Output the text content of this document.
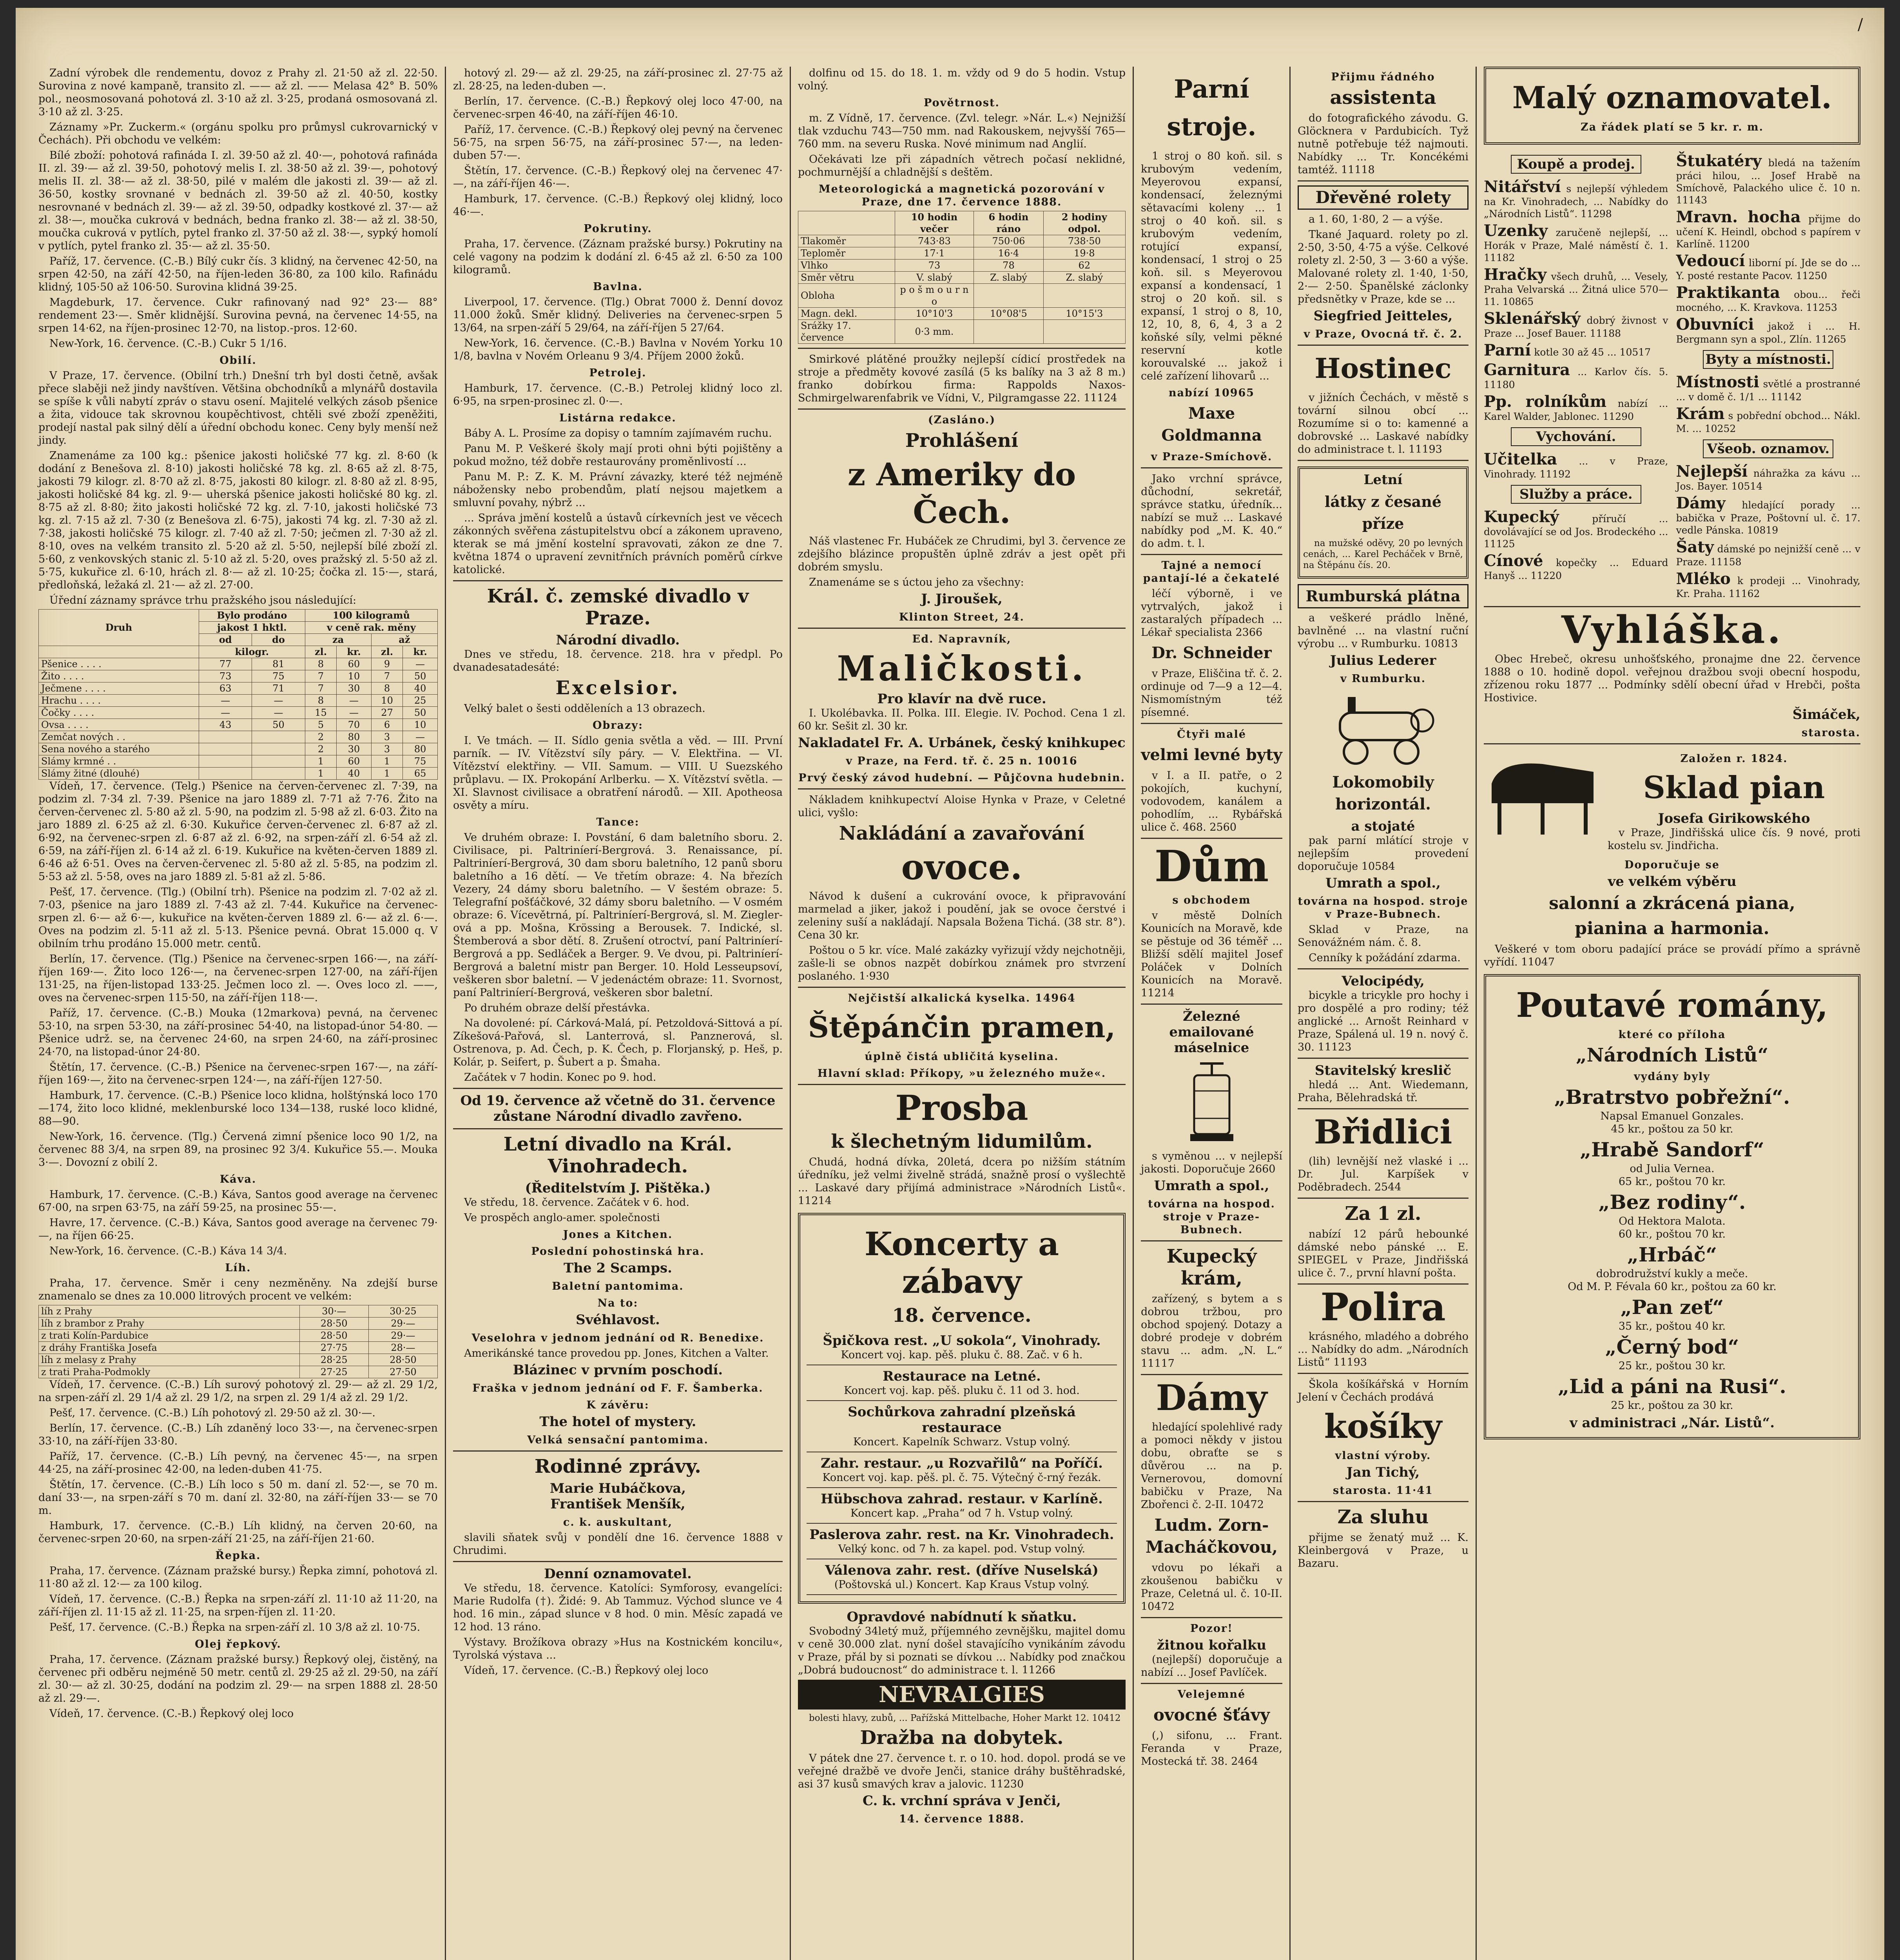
/

Zadní výrobek dle rendementu, dovoz z Prahy zl. 21·50 až zl. 22·50. Surovina z nové kampaně, transito zl. —— až zl. —— Melasa 42° B. 50% pol., neosmosovaná pohotová zl. 3·10 až zl. 3·25, prodaná osmosovaná zl. 3·10 až zl. 3·25.

Záznamy »Pr. Zuckerm.« (orgánu spolku pro průmysl cukrovarnický v Čechách). Při obchodu ve velkém:

Bílé zboží: pohotová rafináda I. zl. 39·50 až zl. 40·—, pohotová rafináda II. zl. 39·— až zl. 39·50, pohotový melis I. zl. 38·50 až zl. 39·—, pohotový melis II. zl. 38·— až zl. 38·50, pilé v malém dle jakosti zl. 39·— až zl. 36·50, kostky srovnané v bednách zl. 39·50 až zl. 40·50, kostky nesrovnané v bednách zl. 39·— až zl. 39·50, odpadky kostkové zl. 37·— až zl. 38·—, moučka cukrová v bednách, bedna franko zl. 38·— až zl. 38·50, moučka cukrová v pytlích, pytel franko zl. 37·50 až zl. 38·—, sypký homolí v pytlích, pytel franko zl. 35·— až zl. 35·50.

Paříž, 17. července. (C.-B.) Bílý cukr čís. 3 klidný, na červenec 42·50, na srpen 42·50, na září 42·50, na říjen-leden 36·80, za 100 kilo. Rafinádu klidný, 105·50 až 106·50. Surovina klidná 39·25.

Magdeburk, 17. července. Cukr rafinovaný nad 92° 23·— 88° rendement 23·—. Směr klidnější. Surovina pevná, na červenec 14·55, na srpen 14·62, na říjen-prosinec 12·70, na listop.-pros. 12·60.

New-York, 16. července. (C.-B.) Cukr 5 1/16.

Obilí.

V Praze, 17. července. (Obilní trh.) Dnešní trh byl dosti četně, avšak přece slaběji než jindy navštíven. Většina obchodníků a mlynářů dostavila se spíše k vůli nabytí zpráv o stavu osení. Majitelé velkých zásob pšenice a žita, vidouce tak skrovnou koupěchtivost, chtěli své zboží zpeněžiti, prodejí nastal pak silný dělí a úřední obchodu konec. Ceny byly menší než jindy.

Znamenáme za 100 kg.: pšenice jakosti holičské 77 kg. zl. 8·60 (k dodání z Benešova zl. 8·10) jakosti holičské 78 kg. zl. 8·65 až zl. 8·75, jakosti 79 kilogr. zl. 8·70 až zl. 8·75, jakosti 80 kilogr. zl. 8·80 až zl. 8·95, jakosti holičské 84 kg. zl. 9·— uherská pšenice jakosti holičské 80 kg. zl. 8·75 až zl. 8·80; žito jakosti holičské 72 kg. zl. 7·10, jakosti holičské 73 kg. zl. 7·15 až zl. 7·30 (z Benešova zl. 6·75), jakosti 74 kg. zl. 7·30 až zl. 7·38, jakosti holičské 75 kilogr. zl. 7·40 až zl. 7·50; ječmen zl. 7·30 až zl. 8·10, oves na velkém transito zl. 5·20 až zl. 5·50, nejlepší bílé zboží zl. 5·60, z venkovských stanic zl. 5·10 až zl. 5·20, oves pražský zl. 5·50 až zl. 5·75, kukuřice zl. 6·10, hrách zl. 8·— až zl. 10·25; čočka zl. 15·—, stará, předloňská, ležaká zl. 21·— až zl. 27·00.

Úřední záznamy správce trhu pražského jsou následující:

Druh	Bylo prodáno		100 kilogramů			
	jakost 1 hktl.		v ceně rak. měny			
	od	do	za		až	
	kilogr.		zl.	kr.	zl.	kr.
Pšenice . . . .	77	81	8	60	9	—
Žito . . . .	73	75	7	10	7	50
Ječmene . . . .	63	71	7	30	8	40
Hrachu . . . .	—	—	8	—	10	25
Čočky . . . .	—	—	15	—	27	50
Ovsa . . . .	43	50	5	70	6	10
Zemčat nových . .			2	80	3	—
Sena nového a starého			2	30	3	80
Slámy krmné . .			1	60	1	75
Slámy žitné (dlouhé)			1	40	1	65

Vídeň, 17. července. (Telg.) Pšenice na červen-červenec zl. 7·39, na podzim zl. 7·34 zl. 7·39. Pšenice na jaro 1889 zl. 7·71 až 7·76. Žito na červen-červenec zl. 5·80 až zl. 5·90, na podzim zl. 5·98 až zl. 6·03. Žito na jaro 1889 zl. 6·25 až zl. 6·30. Kukuřice červen-červenec zl. 6·87 až zl. 6·92, na červenec-srpen zl. 6·87 až zl. 6·92, na srpen-září zl. 6·54 až zl. 6·59, na září-říjen zl. 6·14 až zl. 6·19. Kukuřice na květen-červen 1889 zl. 6·46 až 6·51. Oves na červen-červenec zl. 5·80 až zl. 5·85, na podzim zl. 5·53 až zl. 5·58, oves na jaro 1889 zl. 5·81 až zl. 5·86.

Pešť, 17. července. (Tlg.) (Obilní trh). Pšenice na podzim zl. 7·02 až zl. 7·03, pšenice na jaro 1889 zl. 7·43 až zl. 7·44. Kukuřice na červenec-srpen zl. 6·— až 6·—, kukuřice na květen-červen 1889 zl. 6·— až zl. 6·—. Oves na podzim zl. 5·11 až zl. 5·13. Pšenice pevná. Obrat 15.000 q. V obilním trhu prodáno 15.000 metr. centů.

Berlín, 17. července. (Tlg.) Pšenice na červenec-srpen 166·—, na září-říjen 169·—. Žito loco 126·—, na červenec-srpen 127·00, na září-říjen 131·25, na říjen-listopad 133·25. Ječmen loco zl. —. Oves loco zl. ——, oves na červenec-srpen 115·50, na září-říjen 118·—.

Paříž, 17. července. (C.-B.) Mouka (12markova) pevná, na červenec 53·10, na srpen 53·30, na září-prosinec 54·40, na listopad-únor 54·80. — Pšenice udrž. se, na červenec 24·60, na srpen 24·60, na září-prosinec 24·70, na listopad-únor 24·80.

Štětín, 17. července. (C.-B.) Pšenice na červenec-srpen 167·—, na září-říjen 169·—, žito na červenec-srpen 124·—, na září-říjen 127·50.

Hamburk, 17. července. (C.-B.) Pšenice loco klidna, holštýnská loco 170—174, žito loco klidné, meklenburské loco 134—138, ruské loco klidné, 88—90.

New-York, 16. července. (Tlg.) Červená zimní pšenice loco 90 1/2, na červenec 88 3/4, na srpen 89, na prosinec 92 3/4. Kukuřice 55.—. Mouka 3·—. Dovozní z obilí 2.

Káva.

Hamburk, 17. července. (C.-B.) Káva, Santos good average na červenec 67·00, na srpen 63·75, na září 59·25, na prosinec 55·—.

Havre, 17. července. (C.-B.) Káva, Santos good average na červenec 79·—, na říjen 66·25.

New-York, 16. července. (C.-B.) Káva 14 3/4.

Líh.

Praha, 17. července. Směr i ceny nezměněny. Na zdejší burse znamenalo se dnes za 10.000 litrových procent ve velkém:

líh z Prahy	30·—	30·25
líh z brambor z Prahy	28·50	29·—
z trati Kolín-Pardubice	28·50	29·—
z dráhy Františka Josefa	27·75	28·—
líh z melasy z Prahy	28·25	28·50
z trati Praha-Podmokly	27·25	27·50

Vídeň, 17. července. (C.-B.) Líh surový pohotový zl. 29·— až zl. 29 1/2, na srpen-září zl. 29 1/4 až zl. 29 1/2, na srpen zl. 29 1/4 až zl. 29 1/2.

Pešť, 17. července. (C.-B.) Líh pohotový zl. 29·50 až zl. 30·—.

Berlín, 17. července. (C.-B.) Líh zdaněný loco 33·—, na červenec-srpen 33·10, na září-říjen 33·80.

Paříž, 17. července. (C.-B.) Líh pevný, na červenec 45·—, na srpen 44·25, na září-prosinec 42·00, na leden-duben 41·75.

Štětín, 17. července. (C.-B.) Líh loco s 50 m. daní zl. 52·—, se 70 m. daní 33·—, na srpen-září s 70 m. daní zl. 32·80, na září-říjen 33·— se 70 m.

Hamburk, 17. července. (C.-B.) Líh klidný, na červen 20·60, na červenec-srpen 20·60, na srpen-září 21·25, na září-říjen 21·60.

Řepka.

Praha, 17. července. (Záznam pražské bursy.) Řepka zimní, pohotová zl. 11·80 až zl. 12·— za 100 kilog.

Vídeň, 17. července. (C.-B.) Řepka na srpen-září zl. 11·10 až 11·20, na září-říjen zl. 11·15 až zl. 11·25, na srpen-říjen zl. 11·20.

Pešť, 17. července. (C.-B.) Řepka na srpen-září zl. 10 3/8 až zl. 10·75.

Olej řepkový.

Praha, 17. července. (Záznam pražské bursy.) Řepkový olej, čistěný, na červenec při odběru nejméně 50 metr. centů zl. 29·25 až zl. 29·50, na září zl. 30·— až zl. 30·25, dodání na podzim zl. 29·— na srpen 1888 zl. 28·50 až zl. 29·—.

Vídeň, 17. července. (C.-B.) Řepkový olej loco

hotový zl. 29·— až zl. 29·25, na září-prosinec zl. 27·75 až zl. 28·25, na leden-duben —.

Berlín, 17. července. (C.-B.) Řepkový olej loco 47·00, na červenec-srpen 46·40, na září-říjen 46·10.

Paříž, 17. července. (C.-B.) Řepkový olej pevný na červenec 56·75, na srpen 56·75, na září-prosinec 57·—, na leden-duben 57·—.

Štětín, 17. července. (C.-B.) Řepkový olej na červenec 47·—, na září-říjen 46·—.

Hamburk, 17. července. (C.-B.) Řepkový olej klidný, loco 46·—.

Pokrutiny.

Praha, 17. července. (Záznam pražské bursy.) Pokrutiny na celé vagony na podzim k dodání zl. 6·45 až zl. 6·50 za 100 kilogramů.

Bavlna.

Liverpool, 17. července. (Tlg.) Obrat 7000 ž. Denní dovoz 11.000 žoků. Směr klidný. Deliveries na červenec-srpen 5 13/64, na srpen-září 5 29/64, na září-říjen 5 27/64.

New-York, 16. července. (C.-B.) Bavlna v Novém Yorku 10 1/8, bavlna v Novém Orleanu 9 3/4. Příjem 2000 žoků.

Petrolej.

Hamburk, 17. července. (C.-B.) Petrolej klidný loco zl. 6·95, na srpen-prosinec zl. 0·—.

Listárna redakce.

Báby A. L. Prosíme za dopisy o tamním zajímavém ruchu.

Panu M. P. Veškeré školy mají proti ohni býti pojištěny a pokud možno, též dobře restaurovány proměnlivostí ...

Panu M. P.: Z. K. M. Právní závazky, které též nejméně nábožensky nebo probendům, platí nejsou majetkem a smluvní povahy, nýbrž ...

... Správa jmění kostelů a ústavů církevních jest ve věcech zákonných svěřena zástupitelstvu obcí a zákonem upraveno, kterak se má jmění kostelní spravovati, zákon ze dne 7. května 1874 o upravení zevnitřních právních poměrů církve katolické.

Král. č. zemské divadlo v Praze.
Národní divadlo.

Dnes ve středu, 18. července. 218. hra v předpl. Po dvanadesatadesáté:

Excelsior.

Velký balet o šesti odděleních a 13 obrazech.

Obrazy:

I. Ve tmách. — II. Sídlo genia světla a věd. — III. První parník. — IV. Vítězství síly páry. — V. Elektřina. — VI. Vítězství elektřiny. — VII. Samum. — VIII. U Suezského průplavu. — IX. Prokopání Arlberku. — X. Vítězství světla. — XI. Slavnost civilisace a obratření národů. — XII. Apotheosa osvěty a míru.

Tance:

Ve druhém obraze: I. Povstání, 6 dam baletního sboru. 2. Civilisace, pi. Paltriníerí-Bergrová. 3. Renaissance, pí. Paltriníerí-Bergrová, 30 dam sboru baletního, 12 panů sboru baletního a 16 dětí. — Ve třetím obraze: 4. Na březích Vezery, 24 dámy sboru baletního. — V šestém obraze: 5. Telegrafní pošťáčkové, 32 dámy sboru baletního. — V osmém obraze: 6. Vícevětrná, pí. Paltriníerí-Bergrová, sl. M. Ziegler-ová a pp. Mošna, Krössing a Berousek. 7. Indické, sl. Štemberová a sbor dětí. 8. Zrušení otroctví, paní Paltriníerí-Bergrová a pp. Sedláček a Berger. 9. Ve dvou, pi. Paltriníerí-Bergrová a baletní mistr pan Berger. 10. Hold Lesseupsoví, veškeren sbor baletní. — V jedenáctém obraze: 11. Svornost, paní Paltriníerí-Bergrová, veškeren sbor baletní.

Po druhém obraze delší přestávka.

Na dovolené: pí. Cárková-Malá, pí. Petzoldová-Sittová a pí. Zíkešová-Pařová, sl. Lanterrová, sl. Panznerová, sl. Ostrenova, p. Ad. Čech, p. K. Čech, p. Florjanský, p. Heš, p. Kolár, p. Seifert, p. Šubert a p. Šmaha.

Začátek v 7 hodin. Konec po 9. hod.

Od 19. července až včetně do 31. července zůstane Národní divadlo zavřeno.
Letní divadlo na Král. Vinohradech.
(Ředitelstvím J. Pištěka.)

Ve středu, 18. července. Začátek v 6. hod.

Ve prospěch anglo-amer. společnosti

Jones a Kitchen.
Poslední pohostinská hra.
The 2 Scamps.
Baletní pantomima.
Na to:
Svéhlavost.
Veselohra v jednom jednání od R. Benedixe.

Amerikánské tance provedou pp. Jones, Kitchen a Valter.

Blázinec v prvním poschodí.
Fraška v jednom jednání od F. F. Šamberka.
K závěru:
The hotel of mystery.
Velká sensační pantomima.
Rodinné zprávy.
Marie Hubáčkova,
František Menšík,
c. k. auskultant,

slavili sňatek svůj v pondělí dne 16. července 1888 v Chrudimi.

Denní oznamovatel.

Ve středu, 18. července. Katolíci: Symforosy, evangelíci: Marie Rudolfa (†). Židé: 9. Ab Tammuz. Východ slunce ve 4 hod. 16 min., západ slunce v 8 hod. 0 min. Měsíc zapadá ve 12 hod. 13 ráno.

Výstavy. Brožíkova obrazy »Hus na Kostnickém koncilu«, Tyrolská výstava ...

Vídeň, 17. července. (C.-B.) Řepkový olej loco

dolfinu od 15. do 18. 1. m. vždy od 9 do 5 hodin. Vstup volný.

Povětrnost.

m. Z Vídně, 17. července. (Zvl. telegr. »Nár. L.«) Nejnižší tlak vzduchu 743—750 mm. nad Rakouskem, nejvyšší 765—760 mm. na severu Ruska. Nové minimum nad Anglií.

Očekávati lze při západních větrech počasí neklidné, pochmurnější a chladnější s deštěm.

Meteorologická a magnetická pozorování v Praze, dne 17. července 1888.
	10 hodin večer	6 hodin ráno	2 hodiny odpol.
Tlakoměr	743·83	750·06	738·50
Teploměr	17·1	16·4	19·8
Vlhko	73	78	62
Směr větru	V. slabý	Z. slabý	Z. slabý
Obloha	p o š m o u r n o		
Magn. dekl.	10°10'3	10°08'5	10°15'3
Srážky 17. července	0·3 mm.		

Smirkové plátěné proužky nejlepší cídicí prostředek na stroje a předměty kovové zasílá (5 ks balíky na 3 až 8 m.) franko dobírkou firma: Rappolds Naxos-Schmirgelwarenfabrik ve Vídni, V., Pilgramgasse 22. 11124

(Zasláno.)
Prohlášení
z Ameriky do Čech.

Náš vlastenec Fr. Hubáček ze Chrudimi, byl 3. července ze zdejšího blázince propuštěn úplně zdráv a jest opět při dobrém smyslu.

Znamenáme se s úctou jeho za všechny:

J. Jiroušek,
Klinton Street, 24.
Ed. Napravník,
Maličkosti.
Pro klavír na dvě ruce.

I. Ukolébavka. II. Polka. III. Elegie. IV. Pochod. Cena 1 zl. 60 kr. Sešit zl. 30 kr.

Nakladatel Fr. A. Urbánek, český knihkupec
v Praze, na Ferd. tř. č. 25 n. 10016
Prvý český závod hudební. — Půjčovna hudebnin.

Nákladem knihkupectví Aloise Hynka v Praze, v Celetné ulici, vyšlo:

Nakládání a zavařování
ovoce.

Návod k dušení a cukrování ovoce, k připravování marmelad a jiker, jakož i poudění, jak se ovoce čerstvé i zeleniny suší a nakládají. Napsala Božena Tichá. (38 str. 8°). Cena 30 kr.

Poštou o 5 kr. více. Malé zakázky vyřizují vždy nejchotněji, zašle-li se obnos nazpět dobírkou známek pro stvrzení poslaného. 1·930

Nejčistší alkalická kyselka. 14964
Štěpánčin pramen,
úplně čistá ubličitá kyselina.
Hlavní sklad: Příkopy, »u železného muže«.
Prosba
k šlechetným lidumilům.

Chudá, hodná dívka, 20letá, dcera po nižším státním úředníku, jež velmi živelně strádá, snažně prosí o vyšlechtě ... Laskavé dary přijímá administrace »Národních Listů«. 11214

Koncerty a zábavy
18. července.
Špičkova rest. „U sokola“, Vinohrady.
Koncert voj. kap. pěš. pluku č. 88. Zač. v 6 h.
Restaurace na Letné.
Koncert voj. kap. pěš. pluku č. 11 od 3. hod.
Sochůrkova zahradní plzeňská restaurace
Koncert. Kapelník Schwarz. Vstup volný.
Zahr. restaur. „u Rozvařilů“ na Poříčí.
Koncert voj. kap. pěš. pl. č. 75. Výtečný č-rný řezák.
Hübschova zahrad. restaur. v Karlíně.
Koncert kap. „Praha“ od 7 h. Vstup volný.
Paslerova zahr. rest. na Kr. Vinohradech.
Velký konc. od 7 h. za kapel. pod. Vstup volný.
Válenova zahr. rest. (dříve Nuselská)
(Poštovská ul.) Koncert. Kap Kraus Vstup volný.
Opravdové nabídnutí k sňatku.

Svobodný 34letý muž, příjemného zevnějšku, majitel domu v ceně 30.000 zlat. nyní došel stavajícího vynikáním závodu v Praze, přál by si poznati se dívkou ... Nabídky pod značkou „Dobrá budoucnost“ do administrace t. l. 11266

NEVRALGIES

bolesti hlavy, zubů, ... Pařížská Mittelbache, Hoher Markt 12. 10412

Dražba na dobytek.

V pátek dne 27. července t. r. o 10. hod. dopol. prodá se ve veřejné dražbě ve dvoře Jenči, stanice dráhy buštěhradské, asi 37 kusů smavých krav a jalovic. 11230

C. k. vrchní správa v Jenči,
14. července 1888.
Parní stroje.

1 stroj o 80 koň. sil. s krubovým vedením, Meyerovou expansí, kondensací, železnými sětavacími koleny ... 1 stroj o 40 koň. sil. s krubovým vedením, rotující expansí, kondensací, 1 stroj o 25 koň. sil. s Meyerovou expansí a kondensací, 1 stroj o 20 koň. sil. s expansí, 1 stroj o 8, 10, 12, 10, 8, 6, 4, 3 a 2 koňské síly, velmi pěkné reservní kotle korouvalské ... jakož i celé zařízení lihovarů ...

nabízí 10965
Maxe Goldmanna
v Praze-Smíchově.

Jako vrchní správce, důchodní, sekretář, správce statku, úředník... nabízí se muž ... Laskavé nabídky pod „M. K. 40.“ do adm. t. l.

Tajné a nemocí pantají-lé a čekatelé

léčí výborně, i ve vytrvalých, jakož i zastaralých případech ... Lékař specialista 2366

Dr. Schneider

v Praze, Eliščina tř. č. 2. ordinuje od 7—9 a 12—4. Nismomístným též písemné.

Čtyři malé
velmi levné byty

v I. a II. patře, o 2 pokojích, kuchyní, vodovodem, kanálem a pohodlím, ... Rybářská ulice č. 468. 2560

Dům
s obchodem

v městě Dolních Kounicích na Moravě, kde se pěstuje od 36 téměř ... Bližší sdělí majitel Josef Poláček v Dolních Kounicích na Moravě. 11214

Železné
emailované
máselnice

s vyměnou ... v nejlepší jakosti. Doporučuje 2660

Umrath a spol.,
továrna na hospod. stroje v Praze-Bubnech.
Kupecký krám,

zařízený, s bytem a s dobrou tržbou, pro obchod spojený. Dotazy a dobré prodeje v dobrém stavu ... adm. „N. L.“ 11117

Dámy

hledající spolehlivé rady a pomoci někdy v jistou dobu, obraťte se s důvěrou ... na p. Vernerovou, domovní babičku v Praze, Na Zbořenci č. 2-II. 10472

Ludm. Zorn-Macháčkovou,

vdovu po lékaři a zkoušenou babičku v Praze, Celetná ul. č. 10-II. 10472

Pozor!
žitnou kořalku

(nejlepší) doporučuje a nabízí ... Josef Pavlíček.

Velejemné
ovocné šťávy

(,) sifonu, ... Frant. Feranda v Praze, Mostecká tř. 38. 2464

Přijmu řádného
assistenta

do fotografického závodu. G. Glöcknera v Pardubicích. Tyž nutně potřebuje též najmouti. Nabídky ... Tr. Koncékémi tamtéž. 11118

Dřevěné rolety

a 1. 60, 1·80, 2 — a výše.

Tkané Jaquard. rolety po zl. 2·50, 3·50, 4·75 a výše. Celkové rolety zl. 2·50, 3 — 3·60 a výše. Malované rolety zl. 1·40, 1·50, 2·— 2·50. Španělské záclonky předsnětky v Praze, kde se ...

Siegfried Jeitteles,
v Praze, Ovocná tř. č. 2.
Hostinec

v jižních Čechách, v městě s tovární silnou obcí ... Rozumíme si o to: kamenné a dobrovské ... Laskavé nabídky do administrace t. l. 11193

Letní
látky z česané příze

na mužské oděvy, 20 po levných cenách, ... Karel Pecháček v Brně, na Štěpánu čís. 20.

Rumburská plátna

a veškeré prádlo lněné, bavlněné ... na vlastní ruční výrobu ... v Rumburku. 10813

Julius Lederer
v Rumburku.
Lokomobily horizontál.
a stojaté

pak parní mlátící stroje v nejlepším provedení doporučuje 10584

Umrath a spol.,
továrna na hospod. stroje v Praze-Bubnech.

Sklad v Praze, na Senovážném nám. č. 8.

Cenníky k požádání zdarma.

Velocipédy,

bicykle a tricykle pro hochy i pro dospělé a pro rodiny; též anglické ... Arnošt Reinhard v Praze, Spálená ul. 19 n. nový č. 30. 11123

Stavitelský kreslič

hledá ... Ant. Wiedemann, Praha, Bělehradská tř.

Břidlici

(lih) levnější než vlaské i ... Dr. Jul. Karpíšek v Poděbradech. 2544

Za 1 zl.

nabízí 12 párů hebounké dámské nebo pánské ... E. SPIEGEL v Praze, Jindřišská ulice č. 7., první hlavní pošta.

Polira

krásného, mladého a dobrého ... Nabídky do adm. „Národních Listů“ 11193

Škola košíkářská v Horním Jelení v Čechách prodává

košíky
vlastní výroby.
Jan Tichý,
starosta. 11·41
Za sluhu

přijme se ženatý muž ... K. Kleinbergová v Praze, u Bazaru.

Malý oznamovatel.
Za řádek platí se 5 kr. r. m.
Koupě a prodej.
Nitářství s nejlepší výhledem na Kr. Vinohradech, ... Nabídky do „Národních Listů“. 11298
Uzenky zaručeně nejlepší, ... Horák v Praze, Malé náměstí č. 1. 11182
Hračky všech druhů, ... Vesely, Praha Velvarská ... Žitná ulice 570—11. 10865
Sklenářský dobrý živnost v Praze ... Josef Bauer. 11188
Parní kotle 30 až 45 ... 10517
Garnitura ... Karlov čís. 5. 11180
Pp. rolníkům nabízí ... Karel Walder, Jablonec. 11290
Vychování.
Učitelka ... v Praze, Vinohrady. 11192
Služby a práce.
Kupecký	příručí ... dovolávající se od Jos. Brodeckého ... 11125
Cínové kopečky ... Eduard Hanyš ... 11220
Štukatéry bledá na tažením práci hilou, ... Josef Hrabě na Smíchově, Palackého ulice č. 10 n. 11143
Mravn. hocha přijme do učení K. Heindl, obchod s papírem v Karlíně. 11200
Vedoucí liborní pí. Jde se do ... Y. posté restante Pacov. 11250
Praktikanta obou... řeči mocného, ... K. Kravkova. 11253
Obuvníci jakož i ... H. Bergmann syn a spol., Zlín. 11265
Byty a místnosti.
Místnosti světlé a prostranné ... v domě č. 1/1 ... 11142
Krám s pobřední obchod... Nákl. M. ... 10252
Všeob. oznamov.
Nejlepší náhražka za kávu ... Jos. Bayer. 10514
Dámy hledající porady ... babička v Praze, Poštovní ul. č. 17. vedle Pánska. 10819
Šaty dámské po nejnižší ceně ... v Praze. 11158
Mléko k prodeji ... Vinohrady, Kr. Praha. 11162
Vyhláška.

Obec Hrebeč, okresu unhošťského, pronajme dne 22. července 1888 o 10. hodině dopol. veřejnou dražbou svoji obecní hospodu, zřízenou roku 1877 ... Podmínky sdělí obecní úřad v Hrebči, pošta Hostivice.

Šimáček,
starosta.
Založen r. 1824.
Sklad pian
Josefa Girikowského

v Praze, Jindřišská ulice čís. 9 nové, proti kostelu sv. Jindřicha.

Doporučuje se
ve velkém výběru
salonní a zkrácená piana,
pianina a harmonia.

Veškeré v tom oboru padající práce se provádí přímo a správně vyřídí. 11047

Poutavé romány,
které co příloha
„Národních Listů“
vydány byly
„Bratrstvo pobřežní“.
Napsal Emanuel Gonzales.
45 kr., poštou za 50 kr.
„Hrabě Sandorf“
od Julia Vernea.
65 kr., poštou 70 kr.
„Bez rodiny“.
Od Hektora Malota.
60 kr., poštou 70 kr.
„Hrbáč“
dobrodružství kukly a meče.
Od M. P. Févala 60 kr., poštou za 60 kr.
„Pan zeť“
35 kr., poštou 40 kr.
„Černý bod“
25 kr., poštou 30 kr.
„Lid a páni na Rusi“.
25 kr., poštou za 30 kr.
v administraci „Nár. Listů“.
